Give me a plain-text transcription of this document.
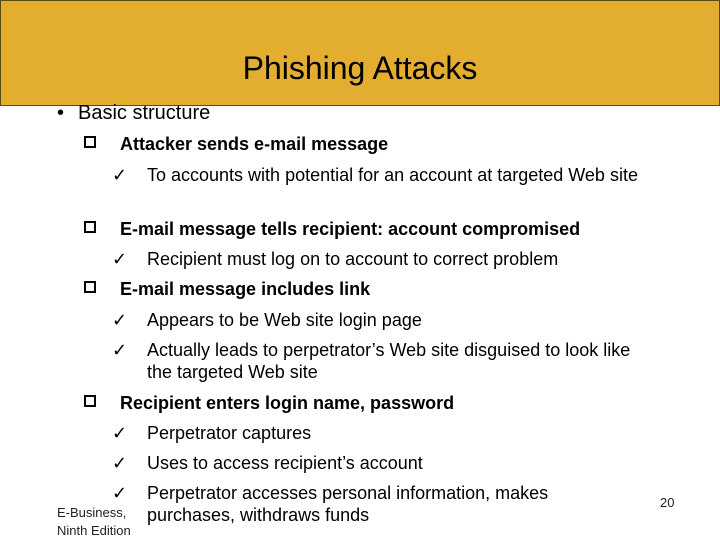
Phishing Attacks
• Basic structure
Attacker sends e-mail message
✓ To accounts with potential for an account at targeted Web site
E-mail message tells recipient: account compromised
✓ Recipient must log on to account to correct problem
E-mail message includes link
✓ Appears to be Web site login page
✓ Actually leads to perpetrator’s Web site disguised to look like the targeted Web site
Recipient enters login name, password
✓ Perpetrator captures
✓ Uses to access recipient’s account
✓ Perpetrator accesses personal information, makes purchases, withdraws funds
E-Business, Ninth Edition
20
